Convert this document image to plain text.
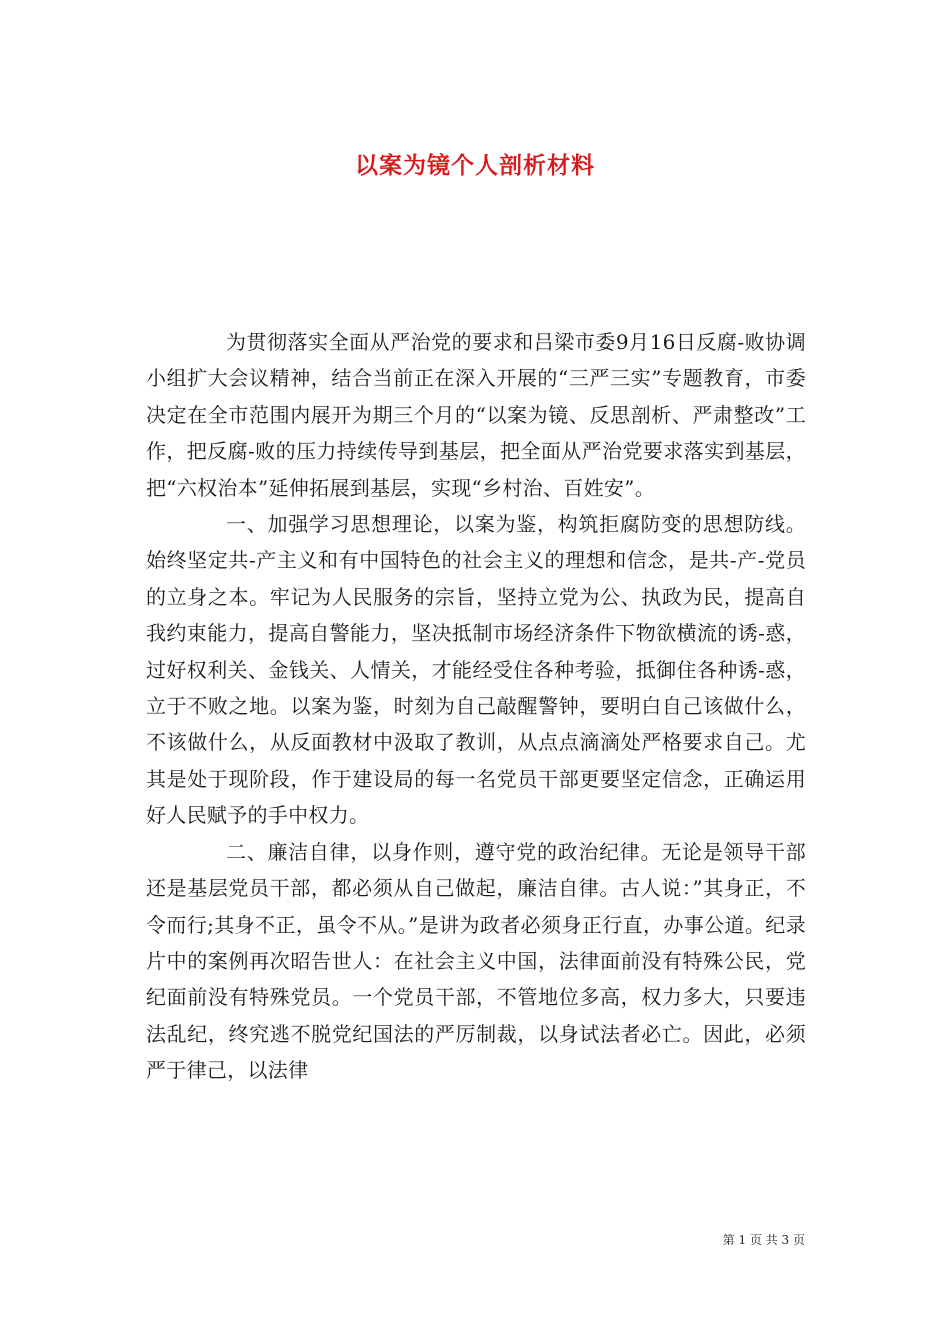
以案为镜个人剖析材料

为贯彻落实全面从严治党的要求和吕梁市委9月16日反腐-败协调小组扩大会议精神，结合当前正在深入开展的“三严三实”专题教育，市委决定在全市范围内展开为期三个月的“以案为镜、反思剖析、严肃整改”工作，把反腐-败的压力持续传导到基层，把全面从严治党要求落实到基层，把“六权治本”延伸拓展到基层，实现“乡村治、百姓安”。

一、加强学习思想理论，以案为鉴，构筑拒腐防变的思想防线。始终坚定共-产主义和有中国特色的社会主义的理想和信念，是共-产-党员的立身之本。牢记为人民服务的宗旨，坚持立党为公、执政为民，提高自我约束能力，提高自警能力，坚决抵制市场经济条件下物欲横流的诱-惑，过好权利关、金钱关、人情关，才能经受住各种考验，抵御住各种诱-惑，立于不败之地。以案为鉴，时刻为自己敲醒警钟，要明白自己该做什么，不该做什么，从反面教材中汲取了教训，从点点滴滴处严格要求自己。尤其是处于现阶段，作于建设局的每一名党员干部更要坚定信念，正确运用好人民赋予的手中权力。

二、廉洁自律，以身作则，遵守党的政治纪律。无论是领导干部还是基层党员干部，都必须从自己做起，廉洁自律。古人说：”其身正，不令而行;其身不正，虽令不从。”是讲为政者必须身正行直，办事公道。纪录片中的案例再次昭告世人：在社会主义中国，法律面前没有特殊公民，党纪面前没有特殊党员。一个党员干部，不管地位多高，权力多大，只要违法乱纪，终究逃不脱党纪国法的严厉制裁，以身试法者必亡。因此，必须严于律己，以法律

第 1 页 共 3 页
